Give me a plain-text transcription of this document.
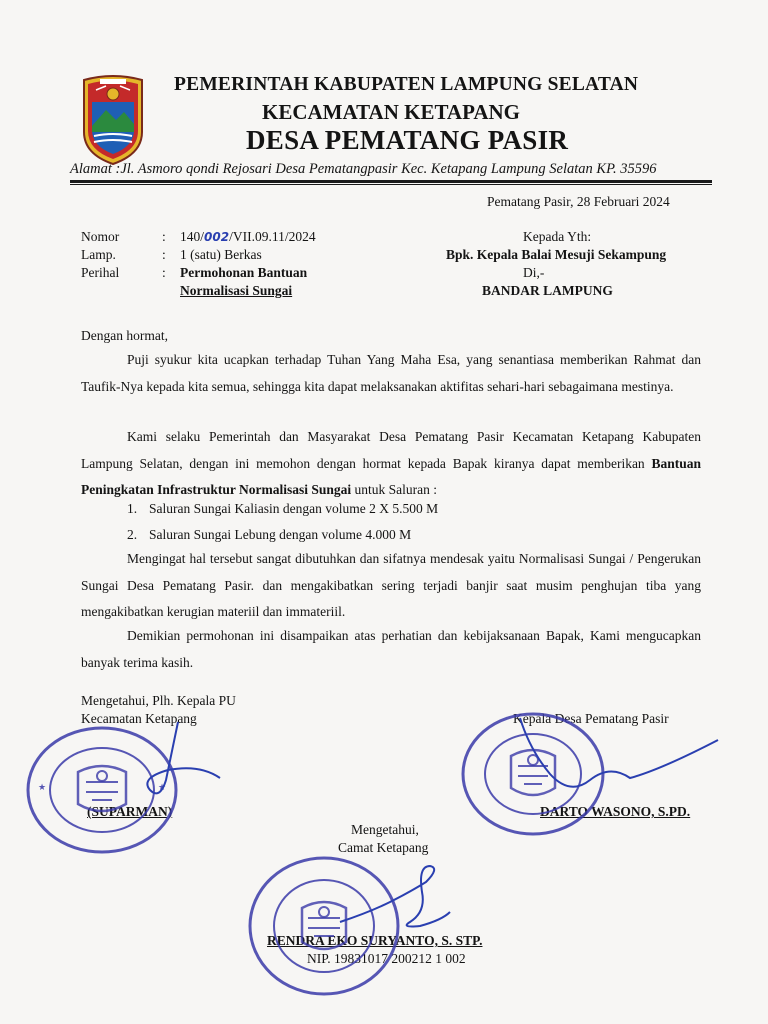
PEMERINTAH KABUPATEN LAMPUNG SELATAN
KECAMATAN KETAPANG
DESA PEMATANG PASIR
Alamat :Jl. Asmoro qondi Rejosari Desa Pematangpasir Kec. Ketapang Lampung Selatan KP. 35596
Pematang Pasir, 28 Februari 2024
Nomor	: 140/002/VII.09.11/2024
Lamp.	: 1 (satu) Berkas
Perihal	: Permohonan Bantuan
Normalisasi Sungai
Kepada Yth:
Bpk. Kepala Balai Mesuji Sekampung
Di,-
BANDAR LAMPUNG
Dengan hormat,
Puji syukur kita ucapkan terhadap Tuhan Yang Maha Esa, yang senantiasa memberikan Rahmat dan Taufik-Nya kepada kita semua, sehingga kita dapat melaksanakan aktifitas sehari-hari sebagaimana mestinya.
Kami selaku Pemerintah dan Masyarakat Desa Pematang Pasir Kecamatan Ketapang Kabupaten Lampung Selatan, dengan ini memohon dengan hormat kepada Bapak kiranya dapat memberikan Bantuan Peningkatan Infrastruktur Normalisasi Sungai untuk Saluran :
1. Saluran Sungai Kaliasin dengan volume 2 X 5.500 M
2. Saluran Sungai Lebung dengan volume 4.000 M
Mengingat hal tersebut sangat dibutuhkan dan sifatnya mendesak yaitu Normalisasi Sungai / Pengerukan Sungai Desa Pematang Pasir. dan mengakibatkan sering terjadi banjir saat musim penghujan tiba yang mengakibatkan kerugian materiil dan immateriil.
Demikian permohonan ini disampaikan atas perhatian dan kebijaksanaan Bapak, Kami mengucapkan banyak terima kasih.
Mengetahui, Plh. Kepala PU
Kecamatan Ketapang
(SUPARMAN)
★	★
Kepala Desa Pematang Pasir
DARTO WASONO, S.PD.
Mengetahui,
Camat Ketapang
RENDRA EKO SURYANTO, S. STP.
NIP. 19831017 200212 1 002
